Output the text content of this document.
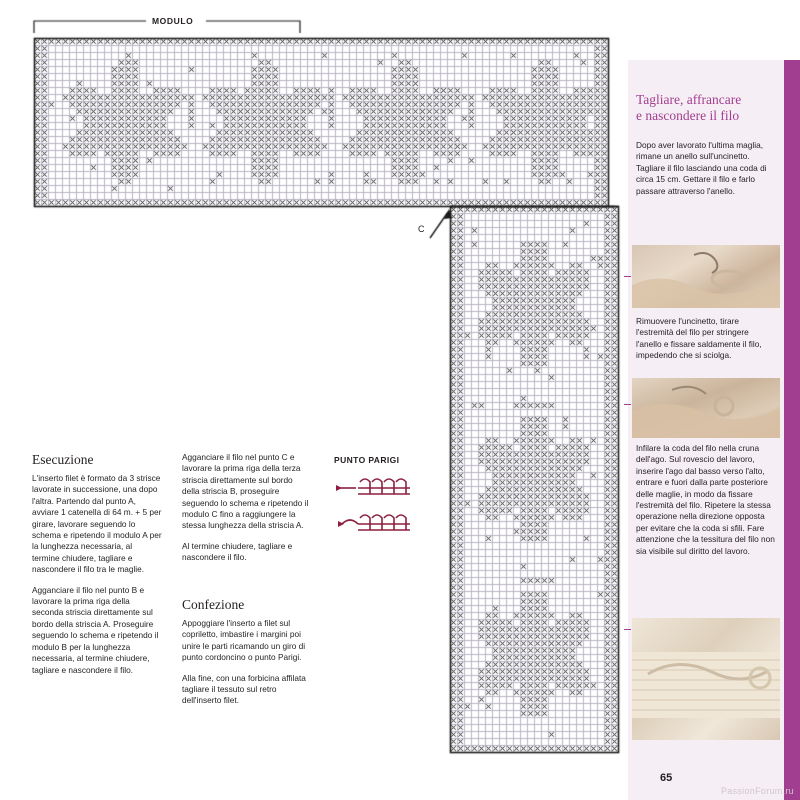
MODULO
C
Esecuzione

L'inserto filet è formato da 3 strisce lavorate in successione, una dopo l'altra. Partendo dal punto A, avviare 1 catenella di 64 m. + 5 per girare, lavorare seguendo lo schema e ripetendo il modulo A per la lunghezza necessaria, al termine chiudere, tagliare e nascondere il filo tra le maglie.

Agganciare il filo nel punto B e lavorare la prima riga della seconda striscia direttamente sul bordo della striscia A. Proseguire seguendo lo schema e ripetendo il modulo B per la lunghezza necessaria, al termine chiudere, tagliare e nascondere il filo.

Agganciare il filo nel punto C e lavorare la prima riga della terza striscia direttamente sul bordo della striscia B, proseguire seguendo lo schema e ripetendo il modulo C fino a raggiungere la stessa lunghezza della striscia A.

Al termine chiudere, tagliare e nascondere il filo.

Confezione

Appoggiare l'inserto a filet sul copriletto, imbastire i margini poi unire le parti ricamando un giro di punto cordoncino o punto Parigi.

Alla fine, con una forbicina affilata tagliare il tessuto sul retro dell'inserto filet.

PUNTO PARIGI
Tagliare, affrancare
e nascondere il filo
Dopo aver lavorato l'ultima maglia, rimane un anello sull'uncinetto. Tagliare il filo lasciando una coda di circa 15 cm. Gettare il filo e farlo passare attraverso l'anello.
Rimuovere l'uncinetto, tirare l'estremità del filo per stringere l'anello e fissare saldamente il filo, impedendo che si sciolga.
Infilare la coda del filo nella cruna dell'ago. Sul rovescio del lavoro, inserire l'ago dal basso verso l'alto, entrare e fuori dalla parte posteriore delle maglie, in modo da fissare l'estremità del filo. Ripetere la stessa operazione nella direzione opposta per evitare che la coda si sfili. Fare attenzione che la tessitura del filo non sia visibile sul diritto del lavoro.
65
PassionForum.ru
